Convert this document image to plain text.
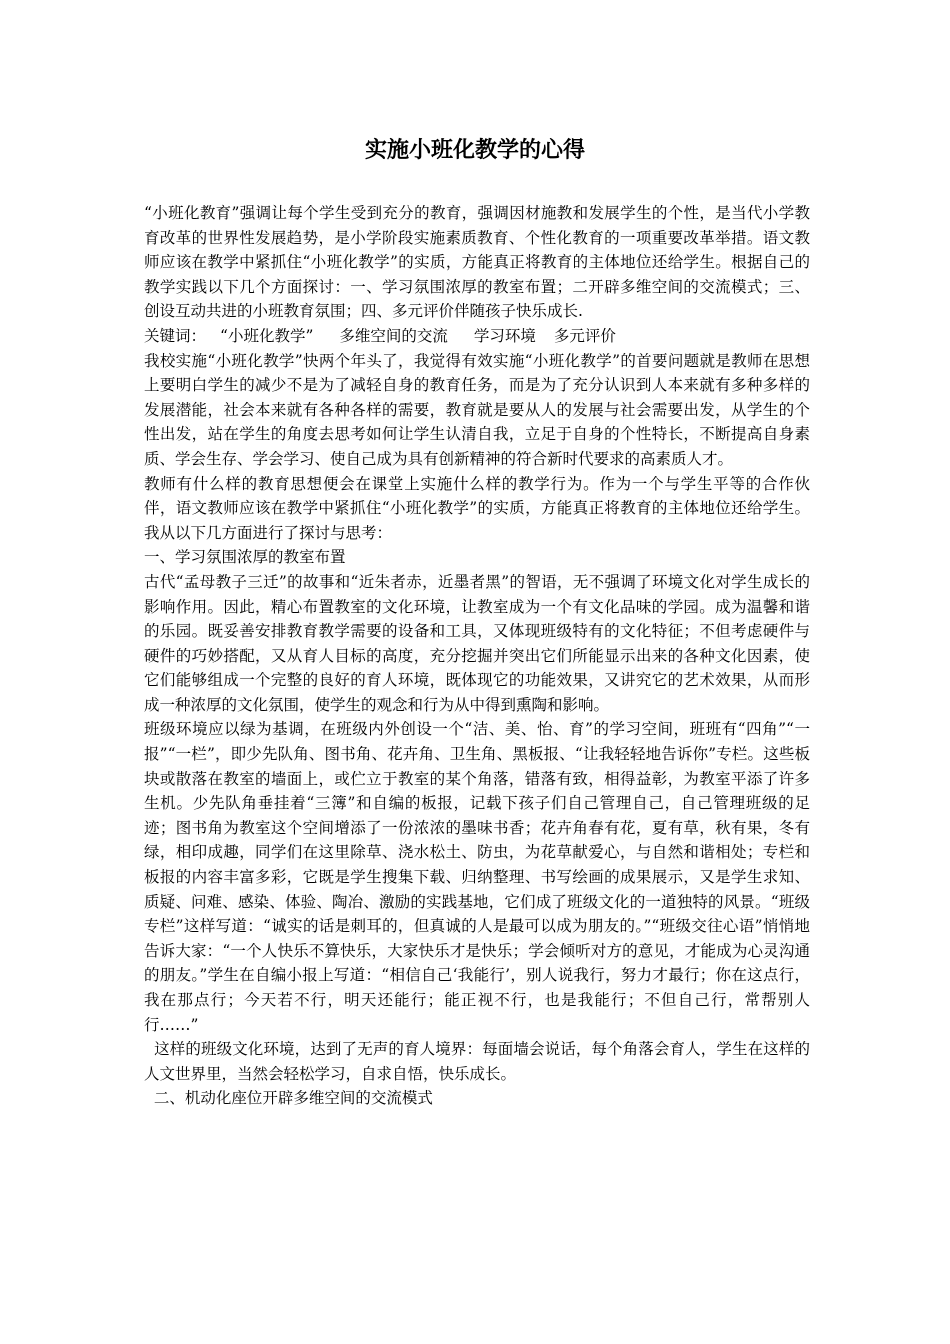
实施小班化教学的心得

“小班化教育”强调让每个学生受到充分的教育，强调因材施教和发展学生的个性，是当代小学教育改革的世界性发展趋势，是小学阶段实施素质教育、个性化教育的一项重要改革举措。语文教师应该在教学中紧抓住“小班化教学”的实质，方能真正将教育的主体地位还给学生。根据自己的教学实践以下几个方面探讨：一、学习氛围浓厚的教室布置；二开辟多维空间的交流模式；三、创设互动共进的小班教育氛围；四、多元评价伴随孩子快乐成长.

关键词： “小班化教学” 多维空间的交流 学习环境 多元评价

我校实施“小班化教学”快两个年头了，我觉得有效实施“小班化教学”的首要问题就是教师在思想上要明白学生的减少不是为了减轻自身的教育任务，而是为了充分认识到人本来就有多种多样的发展潜能，社会本来就有各种各样的需要，教育就是要从人的发展与社会需要出发，从学生的个性出发，站在学生的角度去思考如何让学生认清自我，立足于自身的个性特长，不断提高自身素质、学会生存、学会学习、使自己成为具有创新精神的符合新时代要求的高素质人才。

教师有什么样的教育思想便会在课堂上实施什么样的教学行为。作为一个与学生平等的合作伙伴，语文教师应该在教学中紧抓住“小班化教学”的实质，方能真正将教育的主体地位还给学生。我从以下几方面进行了探讨与思考：

一、学习氛围浓厚的教室布置

古代“孟母教子三迁”的故事和“近朱者赤，近墨者黑”的智语，无不强调了环境文化对学生成长的影响作用。因此，精心布置教室的文化环境，让教室成为一个有文化品味的学园。成为温馨和谐的乐园。既妥善安排教育教学需要的设备和工具，又体现班级特有的文化特征；不但考虑硬件与硬件的巧妙搭配，又从育人目标的高度，充分挖掘并突出它们所能显示出来的各种文化因素，使它们能够组成一个完整的良好的育人环境，既体现它的功能效果，又讲究它的艺术效果，从而形成一种浓厚的文化氛围，使学生的观念和行为从中得到熏陶和影响。

班级环境应以绿为基调，在班级内外创设一个“洁、美、怡、育”的学习空间，班班有“四角”“一报”“一栏”，即少先队角、图书角、花卉角、卫生角、黑板报、“让我轻轻地告诉你”专栏。这些板块或散落在教室的墙面上，或伫立于教室的某个角落，错落有致，相得益彰，为教室平添了许多生机。少先队角垂挂着“三簿”和自编的板报，记载下孩子们自己管理自己，自己管理班级的足迹；图书角为教室这个空间增添了一份浓浓的墨味书香；花卉角春有花，夏有草，秋有果，冬有绿，相印成趣，同学们在这里除草、浇水松土、防虫，为花草献爱心，与自然和谐相处；专栏和板报的内容丰富多彩，它既是学生搜集下载、归纳整理、书写绘画的成果展示，又是学生求知、质疑、问难、感染、体验、陶冶、激励的实践基地，它们成了班级文化的一道独特的风景。“班级专栏”这样写道：“诚实的话是刺耳的，但真诚的人是最可以成为朋友的。”“班级交往心语”悄悄地告诉大家：“一个人快乐不算快乐，大家快乐才是快乐；学会倾听对方的意见，才能成为心灵沟通的朋友。”学生在自编小报上写道：“相信自己‘我能行’，别人说我行，努力才最行；你在这点行，我在那点行；今天若不行，明天还能行；能正视不行，也是我能行；不但自己行，常帮别人行……”

这样的班级文化环境，达到了无声的育人境界：每面墙会说话，每个角落会育人，学生在这样的人文世界里，当然会轻松学习，自求自悟，快乐成长。

二、机动化座位开辟多维空间的交流模式
